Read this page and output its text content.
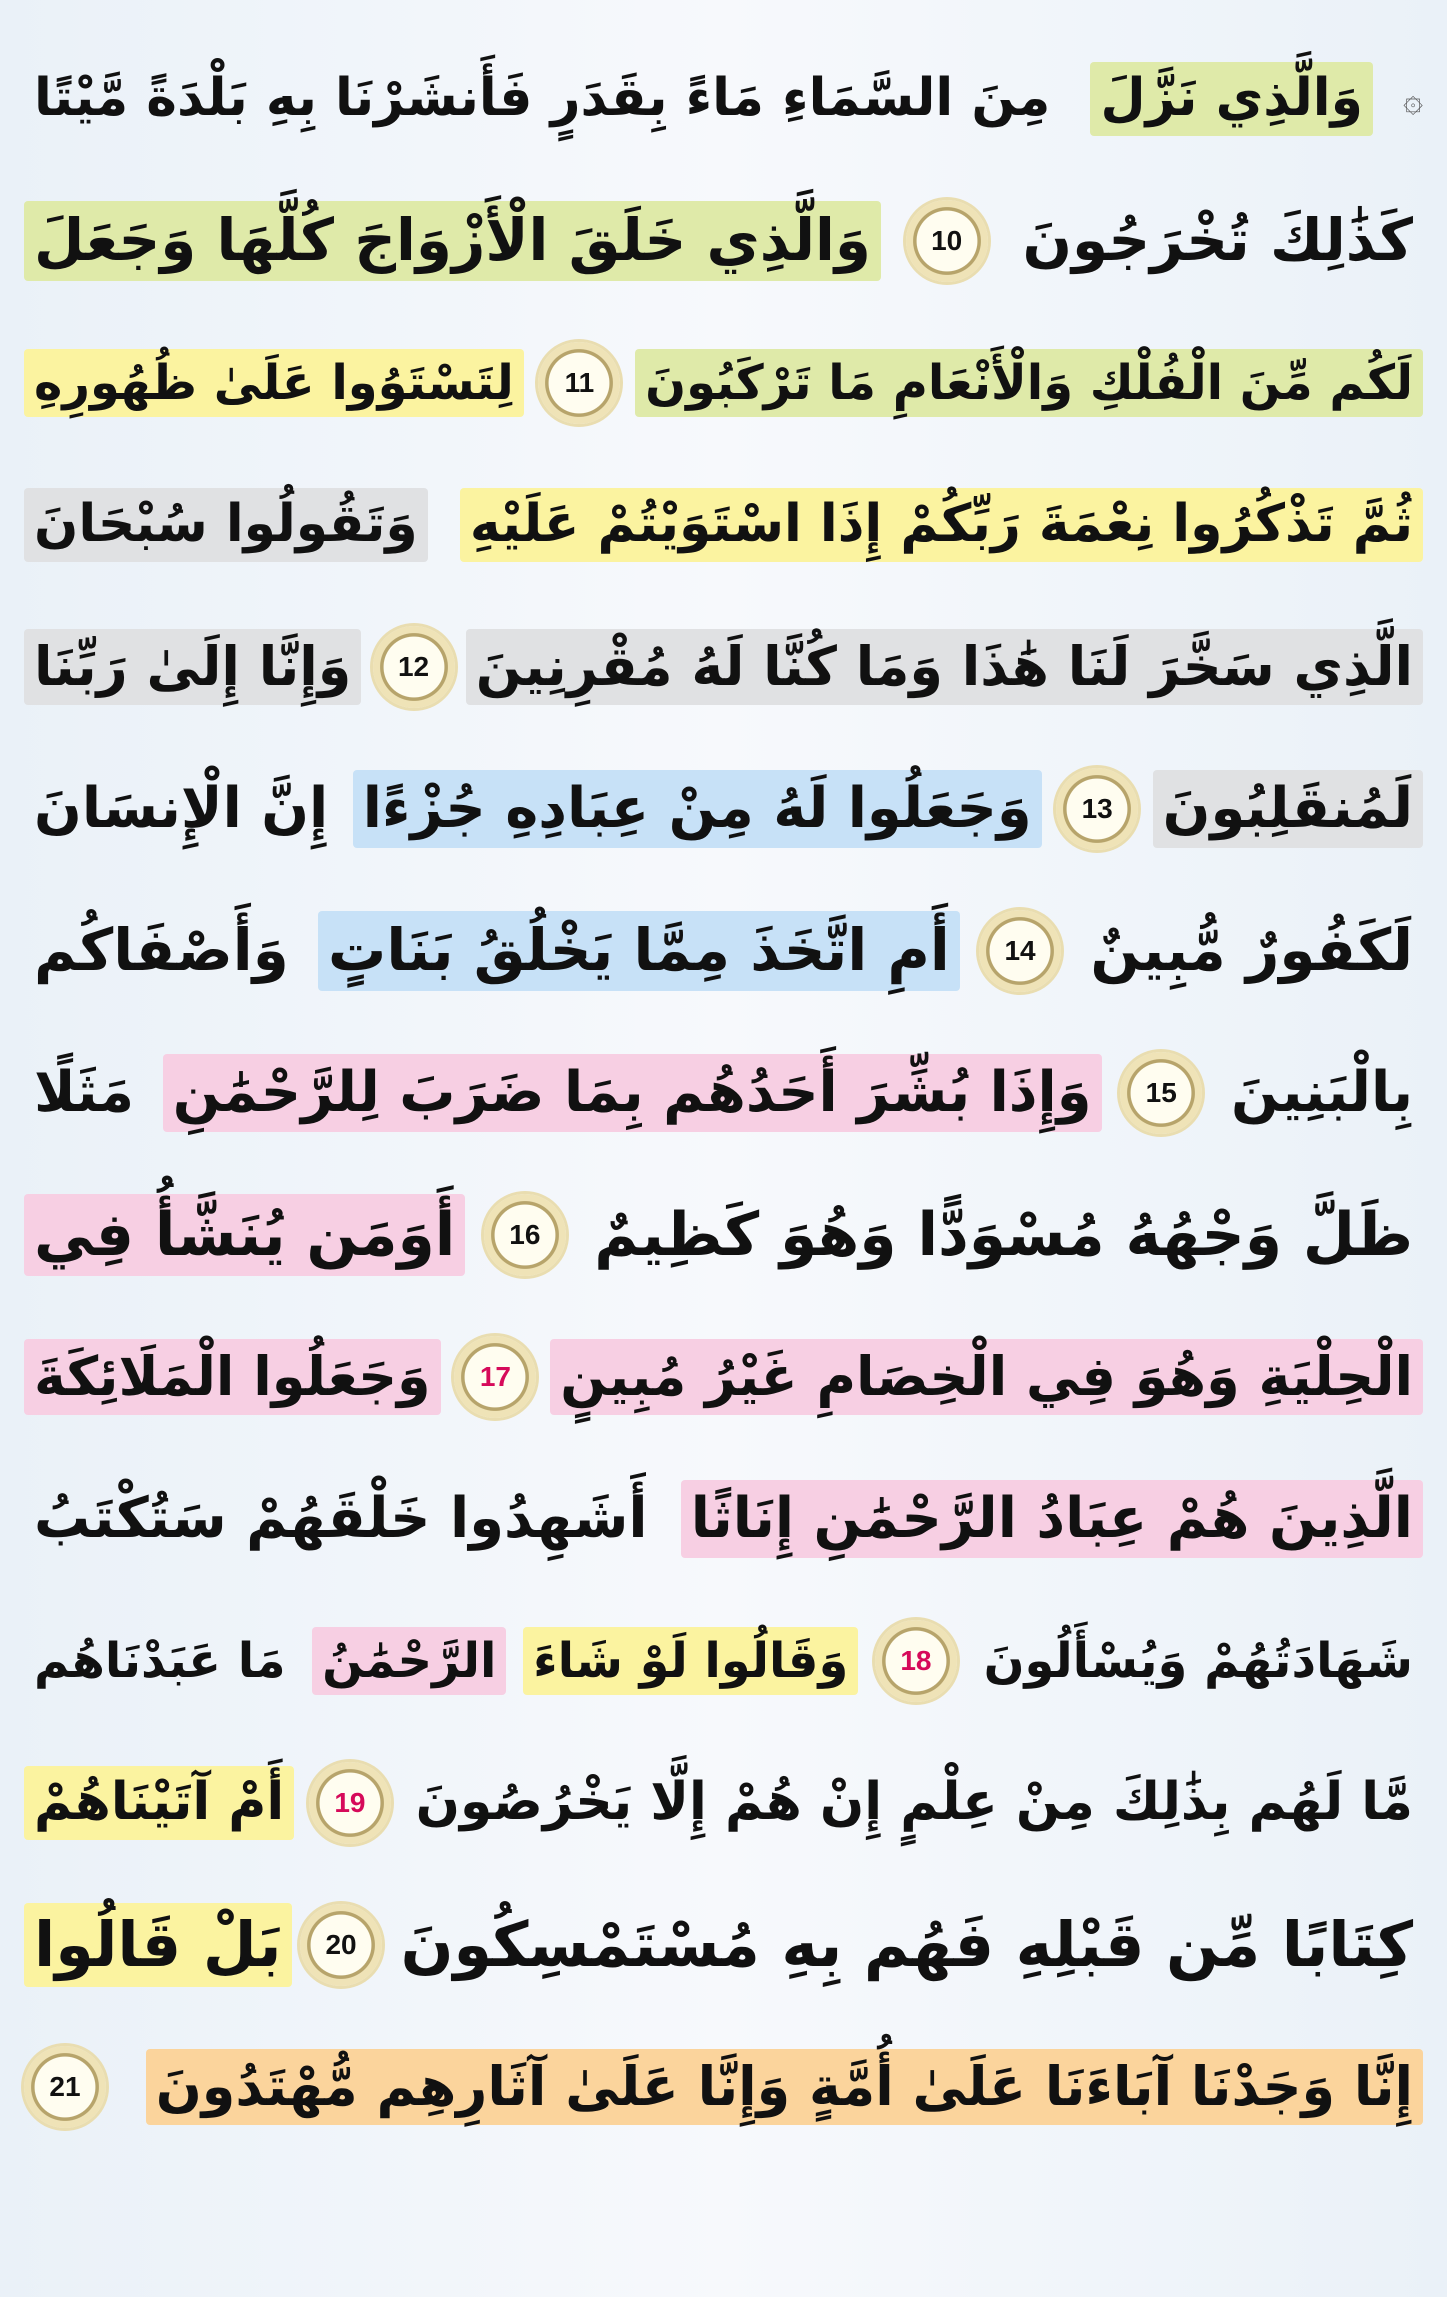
۞
وَالَّذِي نَزَّلَ
مِنَ السَّمَاءِ مَاءً بِقَدَرٍ فَأَنشَرْنَا بِهِ بَلْدَةً مَّيْتًا
كَذَٰلِكَ تُخْرَجُونَ
10
وَالَّذِي خَلَقَ الْأَزْوَاجَ كُلَّهَا وَجَعَلَ
لَكُم مِّنَ الْفُلْكِ وَالْأَنْعَامِ مَا تَرْكَبُونَ
11
لِتَسْتَوُوا عَلَىٰ ظُهُورِهِ
ثُمَّ تَذْكُرُوا نِعْمَةَ رَبِّكُمْ إِذَا اسْتَوَيْتُمْ عَلَيْهِ
وَتَقُولُوا سُبْحَانَ
الَّذِي سَخَّرَ لَنَا هَٰذَا وَمَا كُنَّا لَهُ مُقْرِنِينَ
12
وَإِنَّا إِلَىٰ رَبِّنَا
لَمُنقَلِبُونَ
13
وَجَعَلُوا لَهُ مِنْ عِبَادِهِ جُزْءًا
إِنَّ الْإِنسَانَ
لَكَفُورٌ مُّبِينٌ
14
أَمِ اتَّخَذَ مِمَّا يَخْلُقُ بَنَاتٍ
وَأَصْفَاكُم
بِالْبَنِينَ
15
وَإِذَا بُشِّرَ أَحَدُهُم بِمَا ضَرَبَ لِلرَّحْمَٰنِ
مَثَلًا
ظَلَّ وَجْهُهُ مُسْوَدًّا وَهُوَ كَظِيمٌ
16
أَوَمَن يُنَشَّأُ فِي
الْحِلْيَةِ وَهُوَ فِي الْخِصَامِ غَيْرُ مُبِينٍ
17
وَجَعَلُوا الْمَلَائِكَةَ
الَّذِينَ هُمْ عِبَادُ الرَّحْمَٰنِ إِنَاثًا
أَشَهِدُوا خَلْقَهُمْ سَتُكْتَبُ
شَهَادَتُهُمْ وَيُسْأَلُونَ
18
وَقَالُوا لَوْ شَاءَ
الرَّحْمَٰنُ
مَا عَبَدْنَاهُم
مَّا لَهُم بِذَٰلِكَ مِنْ عِلْمٍ إِنْ هُمْ إِلَّا يَخْرُصُونَ
19
أَمْ آتَيْنَاهُمْ
كِتَابًا مِّن قَبْلِهِ فَهُم بِهِ مُسْتَمْسِكُونَ
20
بَلْ قَالُوا
إِنَّا وَجَدْنَا آبَاءَنَا عَلَىٰ أُمَّةٍ وَإِنَّا عَلَىٰ آثَارِهِم مُّهْتَدُونَ
21
